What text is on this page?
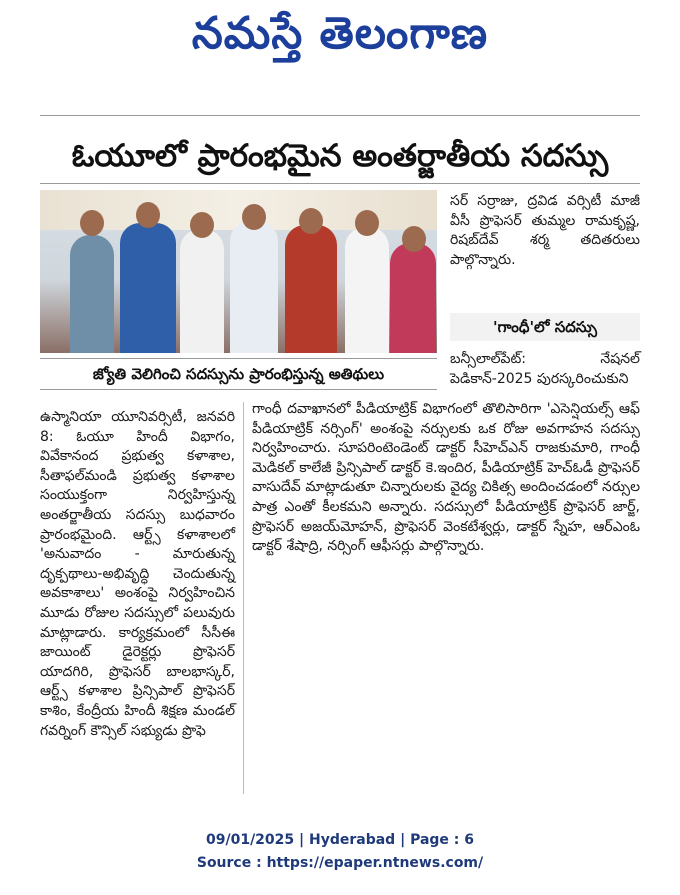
నమస్తే తెలంగాణ
ఓయూలో ప్రారంభమైన అంతర్జాతీయ సదస్సు
జ్యోతి వెలిగించి సదస్సును ప్రారంభిస్తున్న అతిథులు

సర్ సర్రాజు, ద్రవిడ వర్సిటీ మాజీ వీసీ ప్రొఫెసర్ తుమ్మల రామకృష్ణ, రిషబ్‌దేవ్ శర్మ తదితరులు పాల్గొన్నారు.

'గాంధీ'లో సదస్సు

బన్సీలాల్‌పేట్: నేషనల్ పెడికాన్-2025 పురస్కరించుకుని

ఉస్మానియా యూనివర్సిటీ, జనవరి 8: ఓయూ హిందీ విభాగం, వివేకానంద ప్రభుత్వ కళాశాల, సీతాఫల్‌మండి ప్రభుత్వ కళాశాల సంయుక్తంగా నిర్వహిస్తున్న అంతర్జాతీయ సదస్సు బుధవారం ప్రారంభమైంది. ఆర్ట్స్ కళాశాలలో 'అనువాదం - మారుతున్న దృక్పథాలు-అభివృద్ధి చెందుతున్న అవకాశాలు' అంశంపై నిర్వహించిన మూడు రోజుల సదస్సులో పలువురు మాట్లాడారు. కార్యక్రమంలో సీసీఈ జాయింట్ డైరెక్టర్లు ప్రొఫెసర్ యాదగిరి, ప్రొఫెసర్ బాలభాస్కర్, ఆర్ట్స్ కళాశాల ప్రిన్సిపాల్ ప్రొఫెసర్ కాశిం, కేంద్రీయ హిందీ శిక్షణ మండల్ గవర్నింగ్ కౌన్సిల్ సభ్యుడు ప్రొఫె

గాంధీ దవాఖానలో పీడియాట్రిక్ విభాగంలో తొలిసారిగా 'ఎసెన్షియల్స్ ఆఫ్ పీడియాట్రిక్ నర్సింగ్' అంశంపై నర్సులకు ఒక రోజు అవగాహన సదస్సు నిర్వహించారు. సూపరింటెండెంట్ డాక్టర్ సీహెచ్ఎన్ రాజకుమారి, గాంధీ మెడికల్ కాలేజీ ప్రిన్సిపాల్ డాక్టర్ కె.ఇందిర, పీడియాట్రిక్ హెచ్‌ఓడీ ప్రొఫెసర్ వాసుదేవ్ మాట్లాడుతూ చిన్నారులకు వైద్య చికిత్స అందించడంలో నర్సుల పాత్ర ఎంతో కీలకమని అన్నారు. సదస్సులో పీడియాట్రిక్ ప్రొఫెసర్ జార్జ్, ప్రొఫెసర్ అజయ్‌మోహన్, ప్రొఫెసర్ వెంకటేశ్వర్లు, డాక్టర్ స్నేహ, ఆర్ఎంఓ డాక్టర్ శేషాద్రి, నర్సింగ్ ఆఫీసర్లు పాల్గొన్నారు.

09/01/2025 | Hyderabad | Page : 6
Source : https://epaper.ntnews.com/
